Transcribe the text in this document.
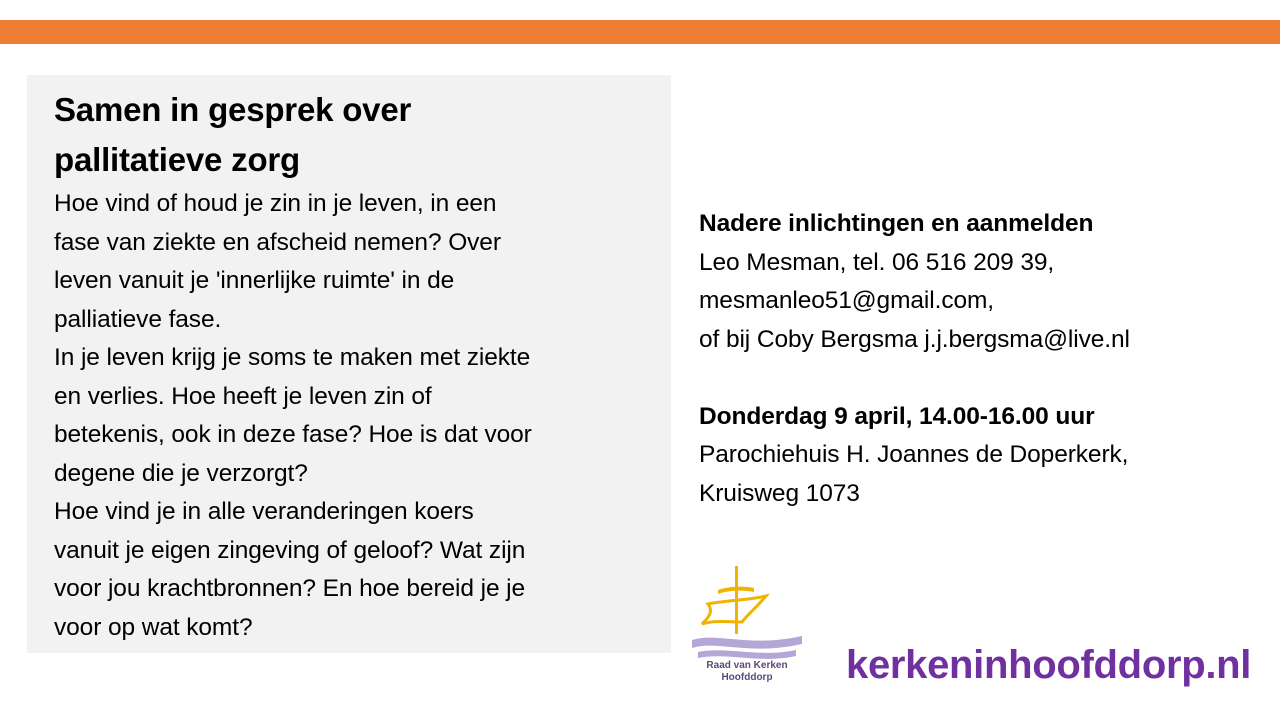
Samen in gesprek over
pallitatieve zorg

Hoe vind of houd je zin in je leven, in een
fase van ziekte en afscheid nemen? Over
leven vanuit je 'innerlijke ruimte' in de
palliatieve fase.

In je leven krijg je soms te maken met ziekte
en verlies. Hoe heeft je leven zin of
betekenis, ook in deze fase? Hoe is dat voor
degene die je verzorgt?

Hoe vind je in alle veranderingen koers
vanuit je eigen zingeving of geloof? Wat zijn
voor jou krachtbronnen? En hoe bereid je je
voor op wat komt?

Nadere inlichtingen en aanmelden
Leo Mesman, tel. 06 516 209 39,
mesmanleo51@gmail.com,
of bij Coby Bergsma j.j.bergsma@live.nl
Donderdag 9 april, 14.00-16.00 uur
Parochiehuis H. Joannes de Doperkerk,
Kruisweg 1073
Raad van Kerken
Hoofddorp	kerkeninhoofddorp.nl
